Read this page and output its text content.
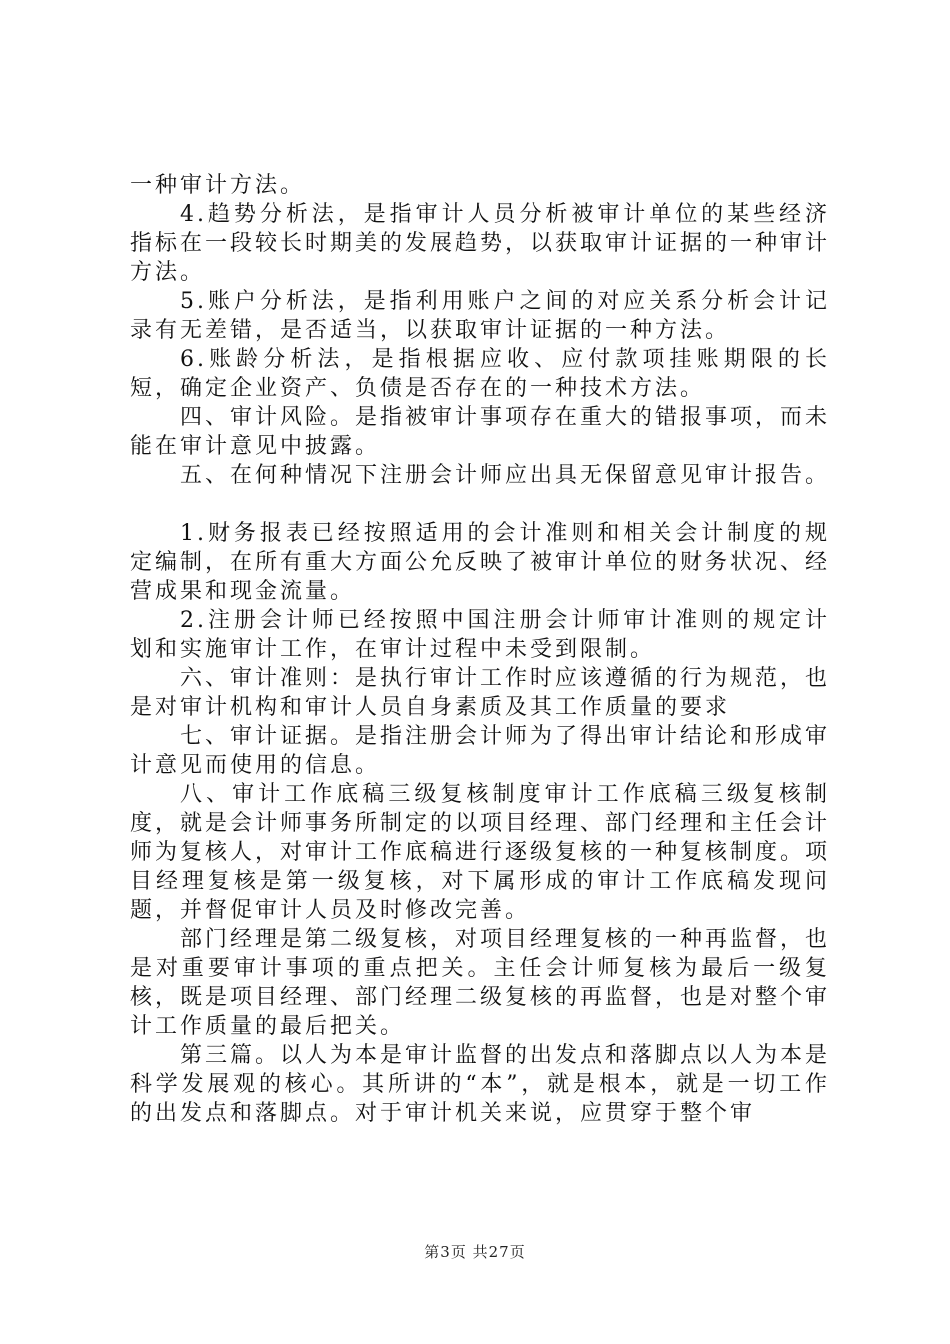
一种审计方法。

4.趋势分析法，是指审计人员分析被审计单位的某些经济指标在一段较长时期美的发展趋势，以获取审计证据的一种审计方法。

5.账户分析法，是指利用账户之间的对应关系分析会计记录有无差错，是否适当，以获取审计证据的一种方法。

6.账龄分析法，是指根据应收、应付款项挂账期限的长短，确定企业资产、负债是否存在的一种技术方法。

四、审计风险。是指被审计事项存在重大的错报事项，而未能在审计意见中披露。

五、在何种情况下注册会计师应出具无保留意见审计报告。

1.财务报表已经按照适用的会计准则和相关会计制度的规定编制，在所有重大方面公允反映了被审计单位的财务状况、经营成果和现金流量。

2.注册会计师已经按照中国注册会计师审计准则的规定计划和实施审计工作，在审计过程中未受到限制。

六、审计准则：是执行审计工作时应该遵循的行为规范，也是对审计机构和审计人员自身素质及其工作质量的要求

七、审计证据。是指注册会计师为了得出审计结论和形成审计意见而使用的信息。

八、审计工作底稿三级复核制度审计工作底稿三级复核制度，就是会计师事务所制定的以项目经理、部门经理和主任会计师为复核人，对审计工作底稿进行逐级复核的一种复核制度。项目经理复核是第一级复核，对下属形成的审计工作底稿发现问题，并督促审计人员及时修改完善。

部门经理是第二级复核，对项目经理复核的一种再监督，也是对重要审计事项的重点把关。主任会计师复核为最后一级复核，既是项目经理、部门经理二级复核的再监督，也是对整个审计工作质量的最后把关。

第三篇。以人为本是审计监督的出发点和落脚点以人为本是科学发展观的核心。其所讲的“本”，就是根本，就是一切工作的出发点和落脚点。对于审计机关来说，应贯穿于整个审

第3页 共27页
